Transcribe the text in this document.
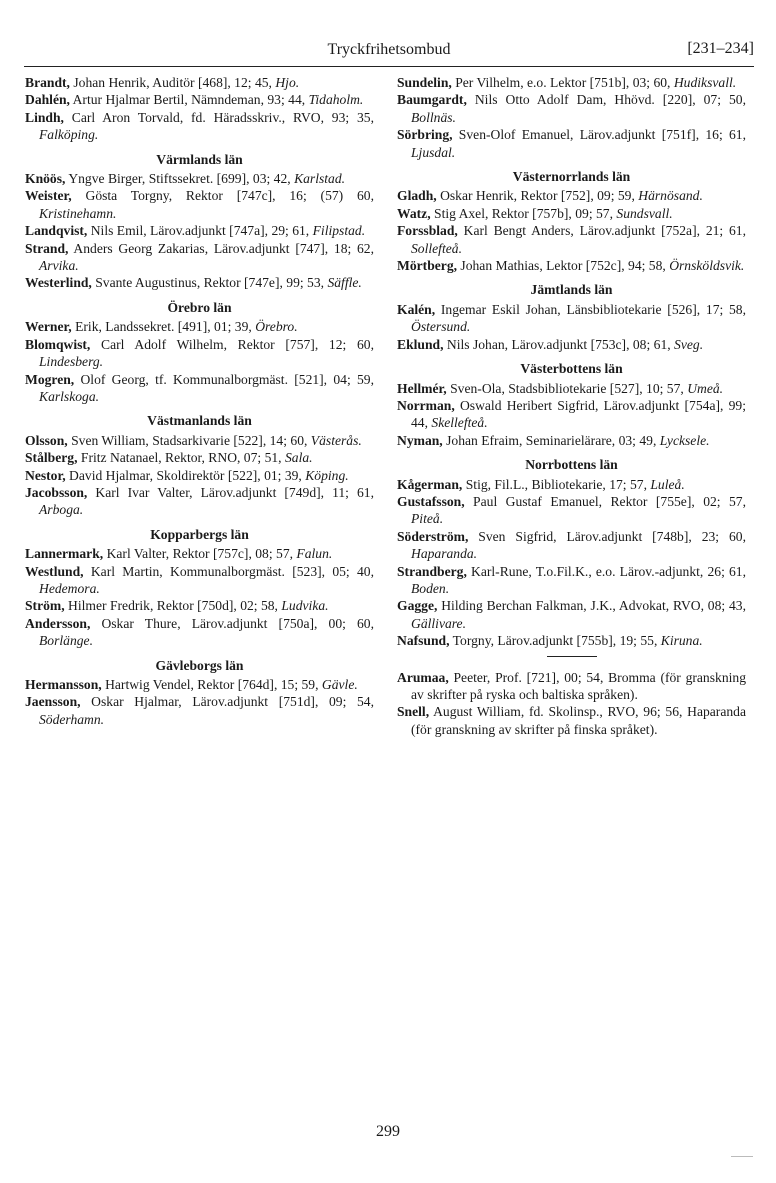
Tryckfrihetsombud	[231–234]

Brandt, Johan Henrik, Auditör [468], 12; 45, Hjo.

Dahlén, Artur Hjalmar Bertil, Nämndeman, 93; 44, Tidaholm.

Lindh, Carl Aron Torvald, fd. Häradsskriv., RVO, 93; 35, Falköping.

Värmlands län

Knöös, Yngve Birger, Stiftssekret. [699], 03; 42, Karlstad.

Weister, Gösta Torgny, Rektor [747c], 16; (57) 60, Kristinehamn.

Landqvist, Nils Emil, Lärov.adjunkt [747a], 29; 61, Filipstad.

Strand, Anders Georg Zakarias, Lärov.adjunkt [747], 18; 62, Arvika.

Westerlind, Svante Augustinus, Rektor [747e], 99; 53, Säffle.

Örebro län

Werner, Erik, Landssekret. [491], 01; 39, Örebro.

Blomqwist, Carl Adolf Wilhelm, Rektor [757], 12; 60, Lindesberg.

Mogren, Olof Georg, tf. Kommunalborgmäst. [521], 04; 59, Karlskoga.

Västmanlands län

Olsson, Sven William, Stadsarkivarie [522], 14; 60, Västerås.

Stålberg, Fritz Natanael, Rektor, RNO, 07; 51, Sala.

Nestor, David Hjalmar, Skoldirektör [522], 01; 39, Köping.

Jacobsson, Karl Ivar Valter, Lärov.adjunkt [749d], 11; 61, Arboga.

Kopparbergs län

Lannermark, Karl Valter, Rektor [757c], 08; 57, Falun.

Westlund, Karl Martin, Kommunalborgmäst. [523], 05; 40, Hedemora.

Ström, Hilmer Fredrik, Rektor [750d], 02; 58, Ludvika.

Andersson, Oskar Thure, Lärov.adjunkt [750a], 00; 60, Borlänge.

Gävleborgs län

Hermansson, Hartwig Vendel, Rektor [764d], 15; 59, Gävle.

Jaensson, Oskar Hjalmar, Lärov.adjunkt [751d], 09; 54, Söderhamn.

Sundelin, Per Vilhelm, e.o. Lektor [751b], 03; 60, Hudiksvall.

Baumgardt, Nils Otto Adolf Dam, Hhövd. [220], 07; 50, Bollnäs.

Sörbring, Sven-Olof Emanuel, Lärov.adjunkt [751f], 16; 61, Ljusdal.

Västernorrlands län

Gladh, Oskar Henrik, Rektor [752], 09; 59, Härnösand.

Watz, Stig Axel, Rektor [757b], 09; 57, Sundsvall.

Forssblad, Karl Bengt Anders, Lärov.adjunkt [752a], 21; 61, Sollefteå.

Mörtberg, Johan Mathias, Lektor [752c], 94; 58, Örnsköldsvik.

Jämtlands län

Kalén, Ingemar Eskil Johan, Länsbibliotekarie [526], 17; 58, Östersund.

Eklund, Nils Johan, Lärov.adjunkt [753c], 08; 61, Sveg.

Västerbottens län

Hellmér, Sven-Ola, Stadsbibliotekarie [527], 10; 57, Umeå.

Norrman, Oswald Heribert Sigfrid, Lärov.adjunkt [754a], 99; 44, Skellefteå.

Nyman, Johan Efraim, Seminarielärare, 03; 49, Lycksele.

Norrbottens län

Kågerman, Stig, Fil.L., Bibliotekarie, 17; 57, Luleå.

Gustafsson, Paul Gustaf Emanuel, Rektor [755e], 02; 57, Piteå.

Söderström, Sven Sigfrid, Lärov.adjunkt [748b], 23; 60, Haparanda.

Strandberg, Karl-Rune, T.o.Fil.K., e.o. Lärov.-adjunkt, 26; 61, Boden.

Gagge, Hilding Berchan Falkman, J.K., Advokat, RVO, 08; 43, Gällivare.

Nafsund, Torgny, Lärov.adjunkt [755b], 19; 55, Kiruna.

Arumaa, Peeter, Prof. [721], 00; 54, Bromma (för granskning av skrifter på ryska och baltiska språken).

Snell, August William, fd. Skolinsp., RVO, 96; 56, Haparanda (för granskning av skrifter på finska språket).

299
